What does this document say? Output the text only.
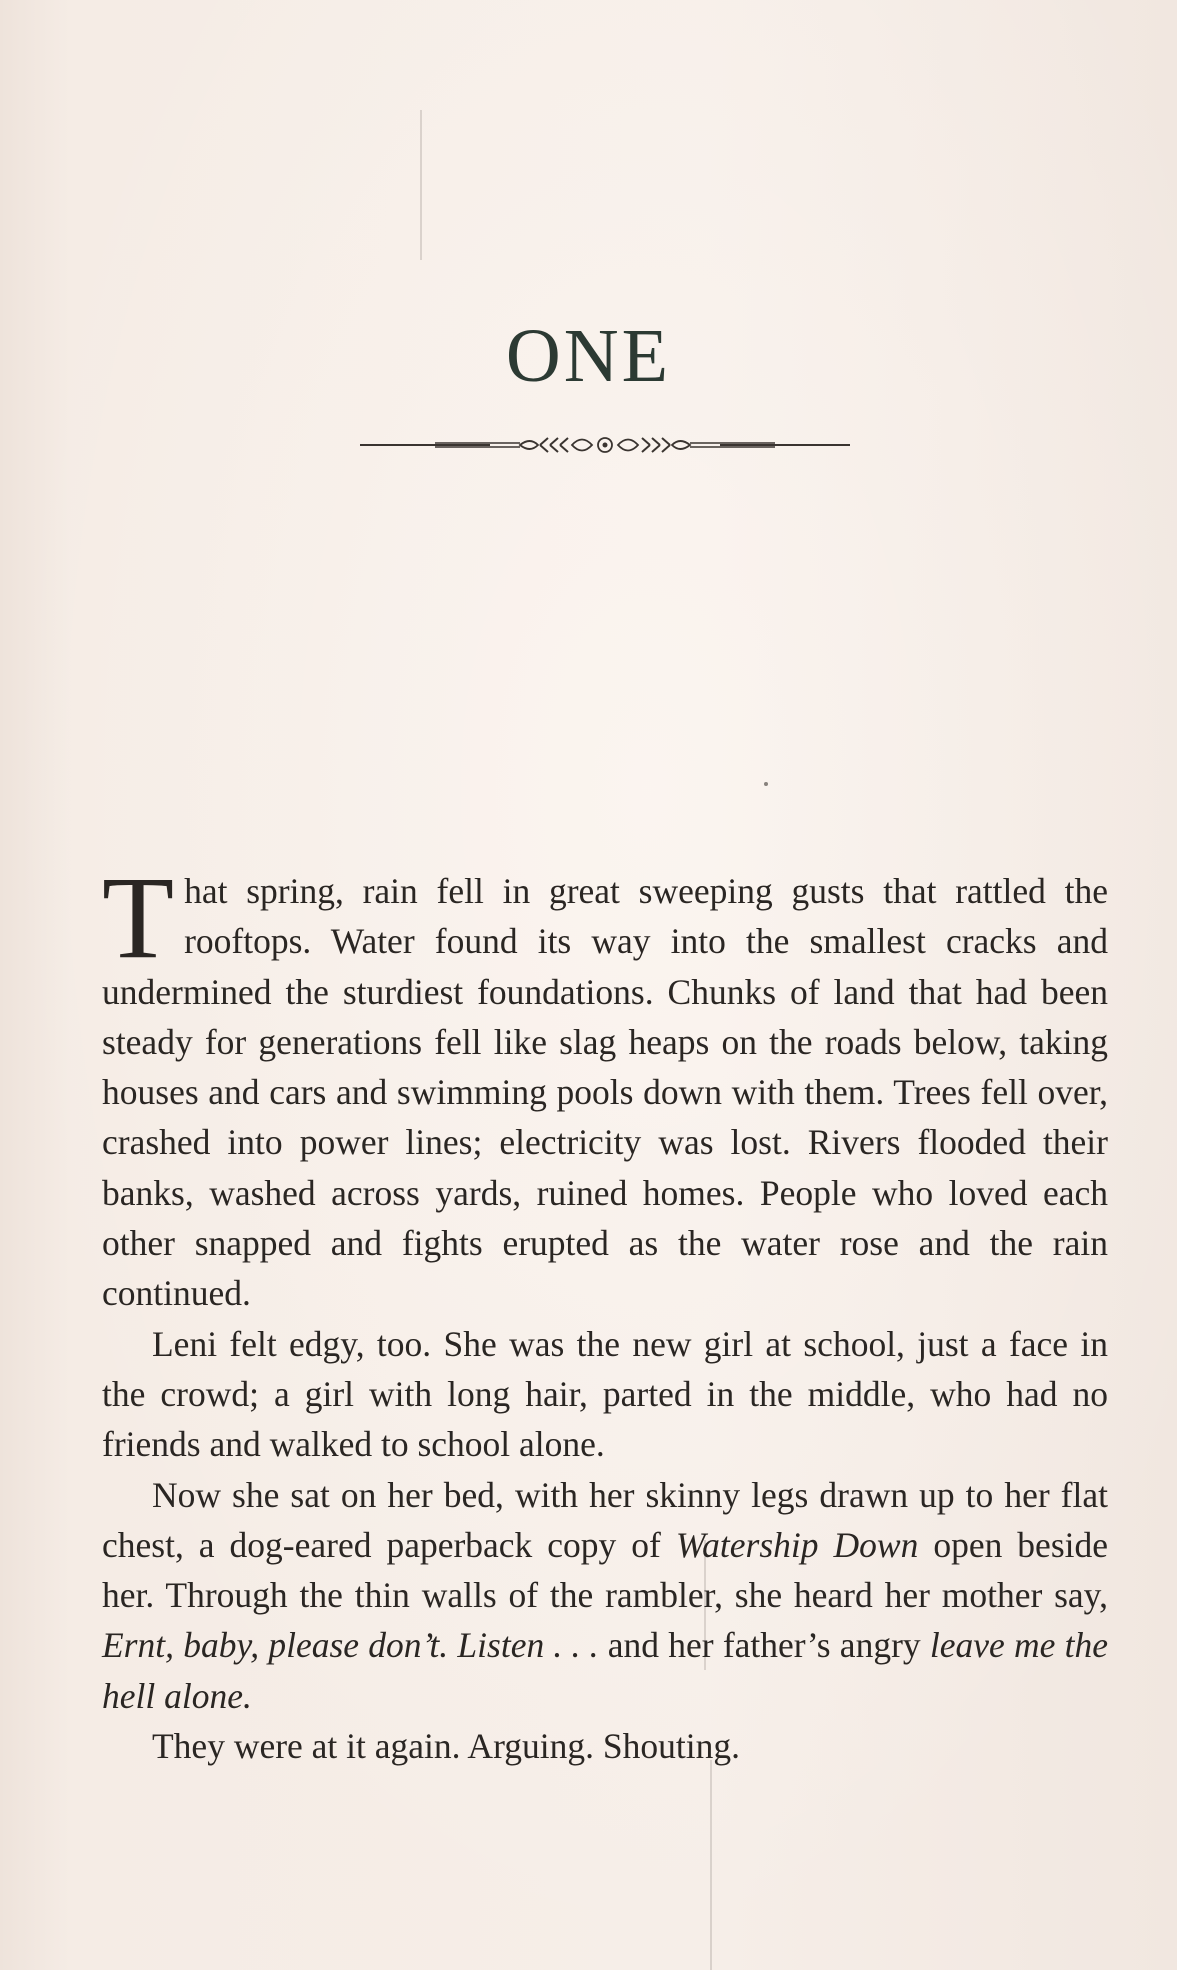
ONE

That spring, rain fell in great sweeping gusts that rattled the rooftops. Water found its way into the smallest cracks and undermined the sturdiest foundations. Chunks of land that had been steady for generations fell like slag heaps on the roads below, taking houses and cars and swimming pools down with them. Trees fell over, crashed into power lines; electricity was lost. Rivers flooded their banks, washed across yards, ruined homes. People who loved each other snapped and fights erupted as the water rose and the rain continued.

Leni felt edgy, too. She was the new girl at school, just a face in the crowd; a girl with long hair, parted in the middle, who had no friends and walked to school alone.

Now she sat on her bed, with her skinny legs drawn up to her flat chest, a dog-eared paperback copy of Watership Down open beside her. Through the thin walls of the rambler, she heard her mother say, Ernt, baby, please don’t. Listen . . . and her father’s angry leave me the hell alone.

They were at it again. Arguing. Shouting.
